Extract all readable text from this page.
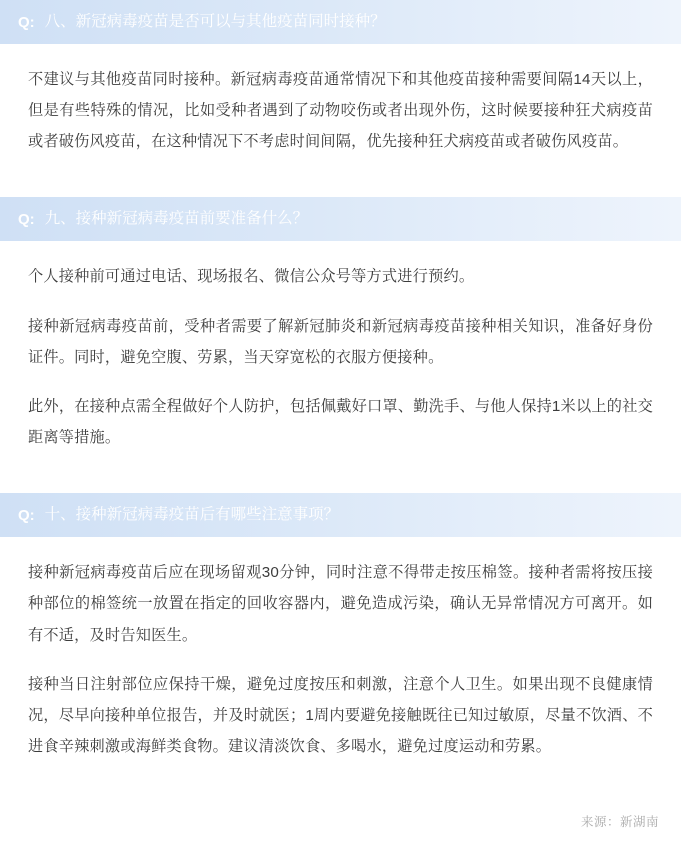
Q: 八、新冠病毒疫苗是否可以与其他疫苗同时接种？

不建议与其他疫苗同时接种。新冠病毒疫苗通常情况下和其他疫苗接种需要间隔14天以上，但是有些特殊的情况，比如受种者遇到了动物咬伤或者出现外伤，这时候要接种狂犬病疫苗或者破伤风疫苗，在这种情况下不考虑时间间隔，优先接种狂犬病疫苗或者破伤风疫苗。

Q: 九、接种新冠病毒疫苗前要准备什么？

个人接种前可通过电话、现场报名、微信公众号等方式进行预约。

接种新冠病毒疫苗前，受种者需要了解新冠肺炎和新冠病毒疫苗接种相关知识，准备好身份证件。同时，避免空腹、劳累，当天穿宽松的衣服方便接种。

此外，在接种点需全程做好个人防护，包括佩戴好口罩、勤洗手、与他人保持1米以上的社交距离等措施。

Q: 十、接种新冠病毒疫苗后有哪些注意事项？

接种新冠病毒疫苗后应在现场留观30分钟，同时注意不得带走按压棉签。接种者需将按压接种部位的棉签统一放置在指定的回收容器内，避免造成污染，确认无异常情况方可离开。如有不适，及时告知医生。

接种当日注射部位应保持干燥，避免过度按压和刺激，注意个人卫生。如果出现不良健康情况，尽早向接种单位报告，并及时就医；1周内要避免接触既往已知过敏原，尽量不饮酒、不进食辛辣刺激或海鲜类食物。建议清淡饮食、多喝水，避免过度运动和劳累。

来源：新湖南
